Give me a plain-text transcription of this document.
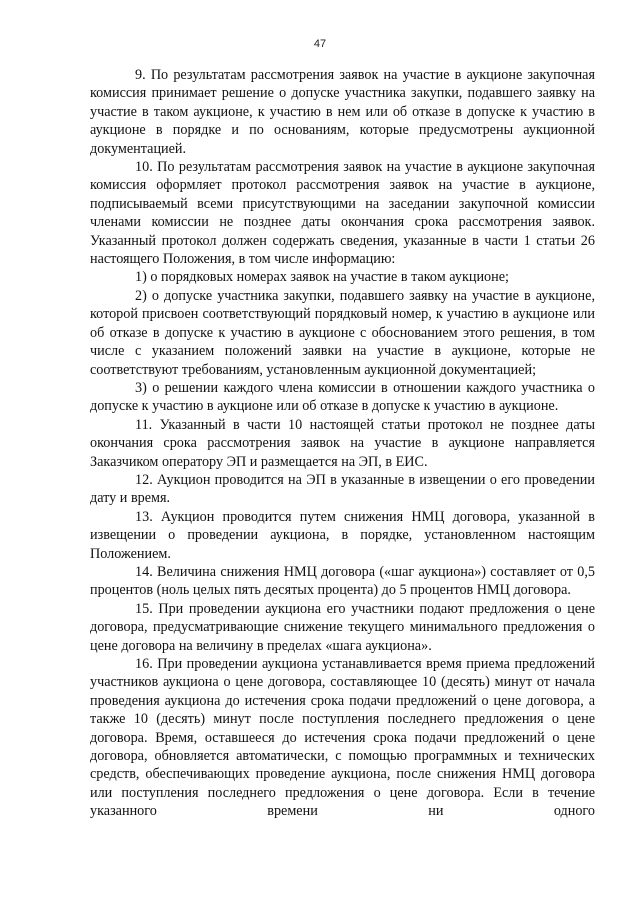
47

9. По результатам рассмотрения заявок на участие в аукционе закупочная комиссия принимает решение о допуске участника закупки, подавшего заявку на участие в таком аукционе, к участию в нем или об отказе в допуске к участию в аукционе в порядке и по основаниям, которые предусмотрены аукционной документацией.

10. По результатам рассмотрения заявок на участие в аукционе закупочная комиссия оформляет протокол рассмотрения заявок на участие в аукционе, подписываемый всеми присутствующими на заседании закупочной комиссии членами комиссии не позднее даты окончания срока рассмотрения заявок. Указанный протокол должен содержать сведения, указанные в части 1 статьи 26 настоящего Положения, в том числе информацию:

1) о порядковых номерах заявок на участие в таком аукционе;

2) о допуске участника закупки, подавшего заявку на участие в аукционе, которой присвоен соответствующий порядковый номер, к участию в аукционе или об отказе в допуске к участию в аукционе с обоснованием этого решения, в том числе с указанием положений заявки на участие в аукционе, которые не соответствуют требованиям, установленным аукционной документацией;

3) о решении каждого члена комиссии в отношении каждого участника о допуске к участию в аукционе или об отказе в допуске к участию в аукционе.

11. Указанный в части 10 настоящей статьи протокол не позднее даты окончания срока рассмотрения заявок на участие в аукционе направляется Заказчиком оператору ЭП и размещается на ЭП, в ЕИС.

12. Аукцион проводится на ЭП в указанные в извещении о его проведении дату и время.

13. Аукцион проводится путем снижения НМЦ договора, указанной в извещении о проведении аукциона, в порядке, установленном настоящим Положением.

14. Величина снижения НМЦ договора («шаг аукциона») составляет от 0,5 процентов (ноль целых пять десятых процента) до 5 процентов НМЦ договора.

15. При проведении аукциона его участники подают предложения о цене договора, предусматривающие снижение текущего минимального предложения о цене договора на величину в пределах «шага аукциона».

16. При проведении аукциона устанавливается время приема предложений участников аукциона о цене договора, составляющее 10 (десять) минут от начала проведения аукциона до истечения срока подачи предложений о цене договора, а также 10 (десять) минут после поступления последнего предложения о цене договора. Время, оставшееся до истечения срока подачи предложений о цене договора, обновляется автоматически, с помощью программных и технических средств, обеспечивающих проведение аукциона, после снижения НМЦ договора или поступления последнего предложения о цене договора. Если в течение указанного времени ни одного
